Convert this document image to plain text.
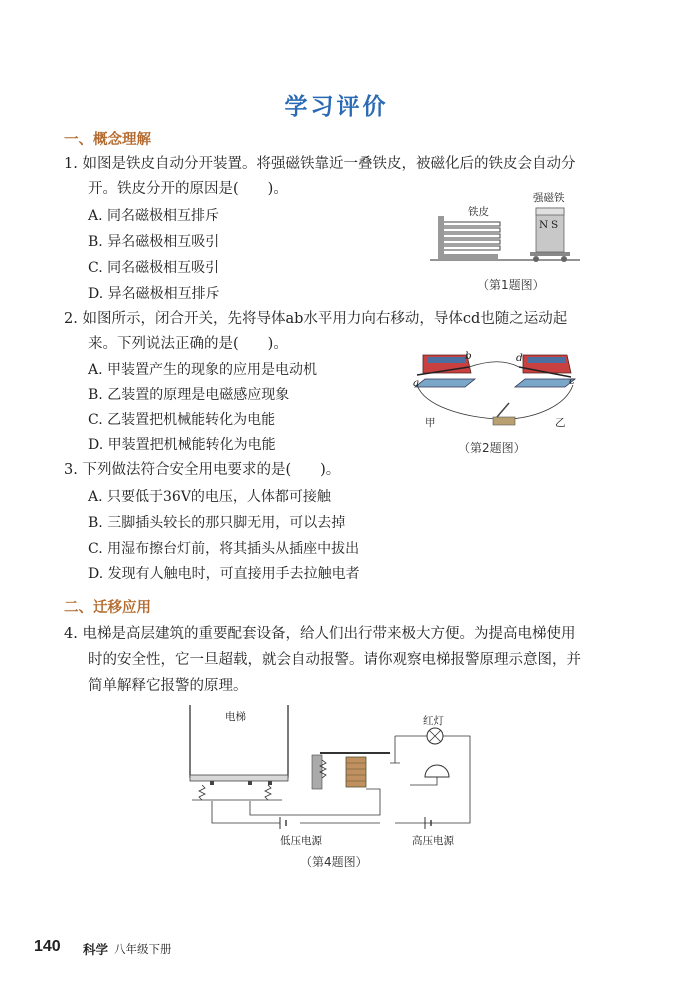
学习评价
一、概念理解
1. 如图是铁皮自动分开装置。将强磁铁靠近一叠铁皮，被磁化后的铁皮会自动分
开。铁皮分开的原因是(　　)。
A. 同名磁极相互排斥
B. 异名磁极相互吸引
C. 同名磁极相互吸引
D. 异名磁极相互排斥
铁皮
强磁铁
N S
（第1题图）
2. 如图所示，闭合开关，先将导体ab水平用力向右移动，导体cd也随之运动起
来。下列说法正确的是(　　)。
A. 甲装置产生的现象的应用是电动机
B. 乙装置的原理是电磁感应现象
C. 乙装置把机械能转化为电能
D. 甲装置把机械能转化为电能
b
a
d
c
甲	乙
（第2题图）
3. 下列做法符合安全用电要求的是(　　)。
A. 只要低于36V的电压，人体都可接触
B. 三脚插头较长的那只脚无用，可以去掉
C. 用湿布擦台灯前，将其插头从插座中拔出
D. 发现有人触电时，可直接用手去拉触电者
二、迁移应用
4. 电梯是高层建筑的重要配套设备，给人们出行带来极大方便。为提高电梯使用
时的安全性，它一旦超载，就会自动报警。请你观察电梯报警原理示意图，并
简单解释它报警的原理。
电梯	红灯
低压电源	高压电源
（第4题图）
140 科学 八年级下册
